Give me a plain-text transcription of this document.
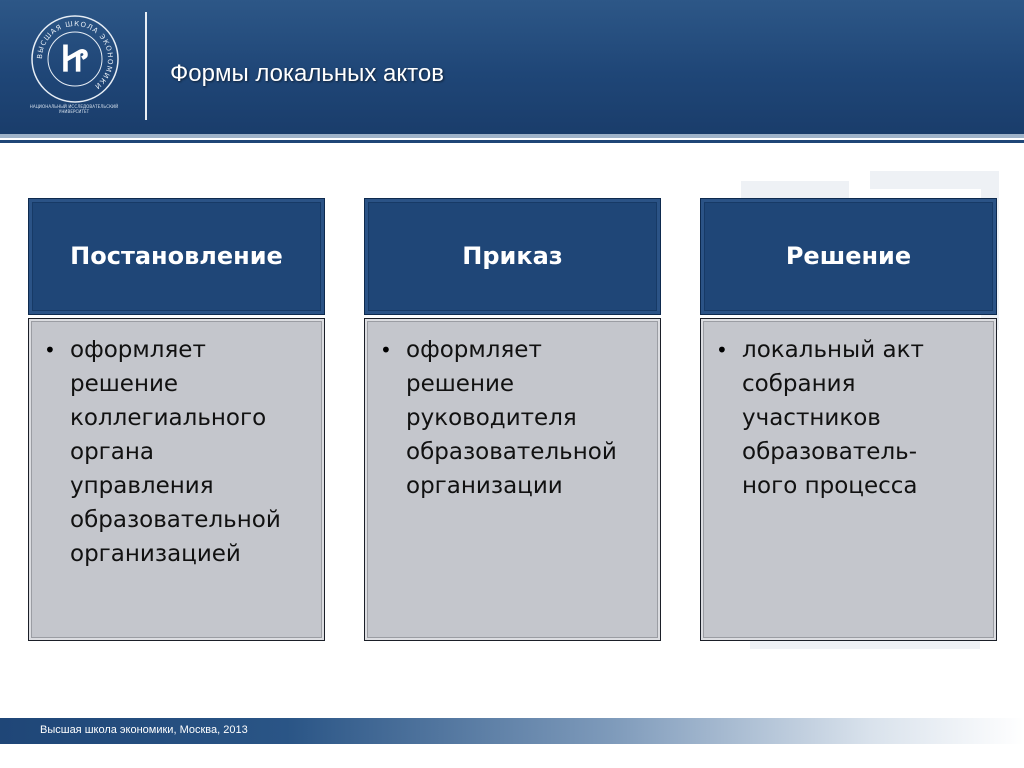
ВЫСШАЯ ШКОЛА ЭКОНОМИКИ
Ꮵ
НАЦИОНАЛЬНЫЙ ИССЛЕДОВАТЕЛЬСКИЙ УНИВЕРСИТЕТ
Формы локальных актов
Постановление
• оформляет
решение
коллегиального
органа
управления
образовательной
организацией
Приказ
• оформляет
решение
руководителя
образовательной
организации
Решение
• локальный акт
собрания
участников
образователь-
ного процесса
Высшая школа экономики, Москва, 2013
